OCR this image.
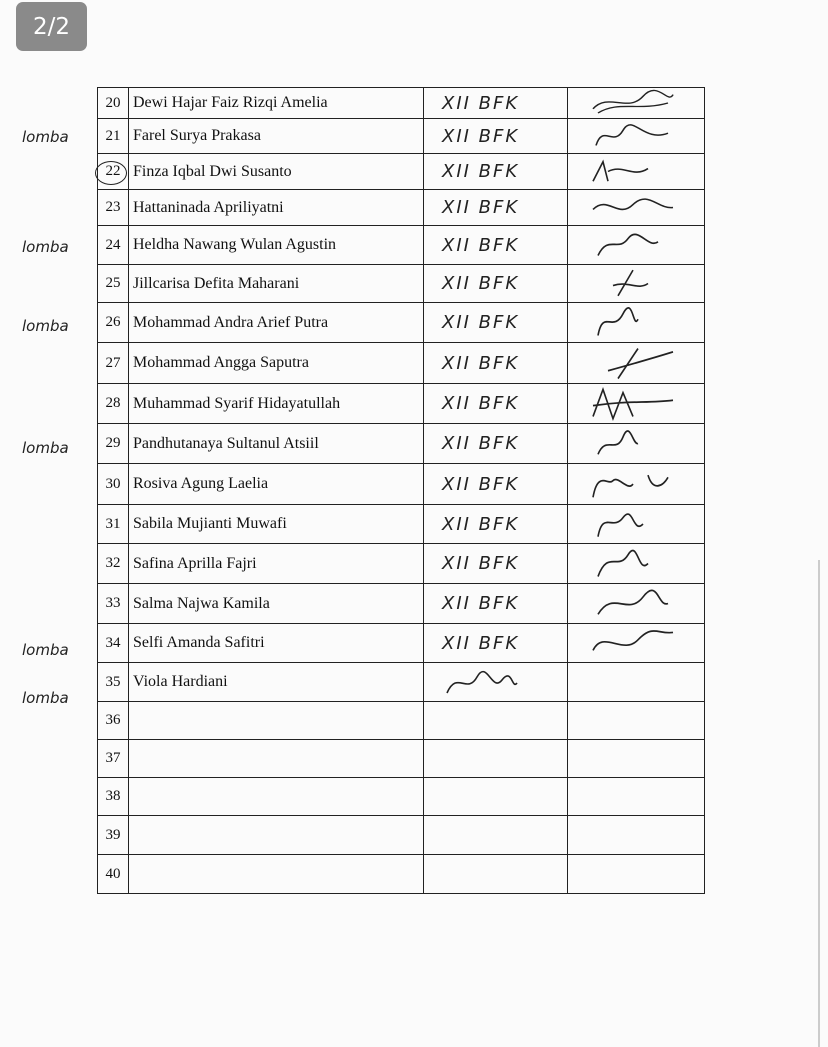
2/2
20 Dewi Hajar Faiz Rizqi Amelia	XII BFK
21 Farel Surya Prakasa	XII BFK
22 Finza Iqbal Dwi Susanto	XII BFK
23 Hattaninada Apriliyatni	XII BFK
24 Heldha Nawang Wulan Agustin	XII BFK
25 Jillcarisa Defita Maharani	XII BFK
26 Mohammad Andra Arief Putra	XII BFK
27 Mohammad Angga Saputra	XII BFK
28 Muhammad Syarif Hidayatullah	XII BFK
29 Pandhutanaya Sultanul Atsiil	XII BFK
30 Rosiva Agung Laelia	XII BFK
31 Sabila Mujianti Muwafi	XII BFK
32 Safina Aprilla Fajri	XII BFK
33 Salma Najwa Kamila	XII BFK
34 Selfi Amanda Safitri	XII BFK
35 Viola Hardiani
36
37
38
39
40
lomba
lomba
lomba
lomba
lomba
lomba
